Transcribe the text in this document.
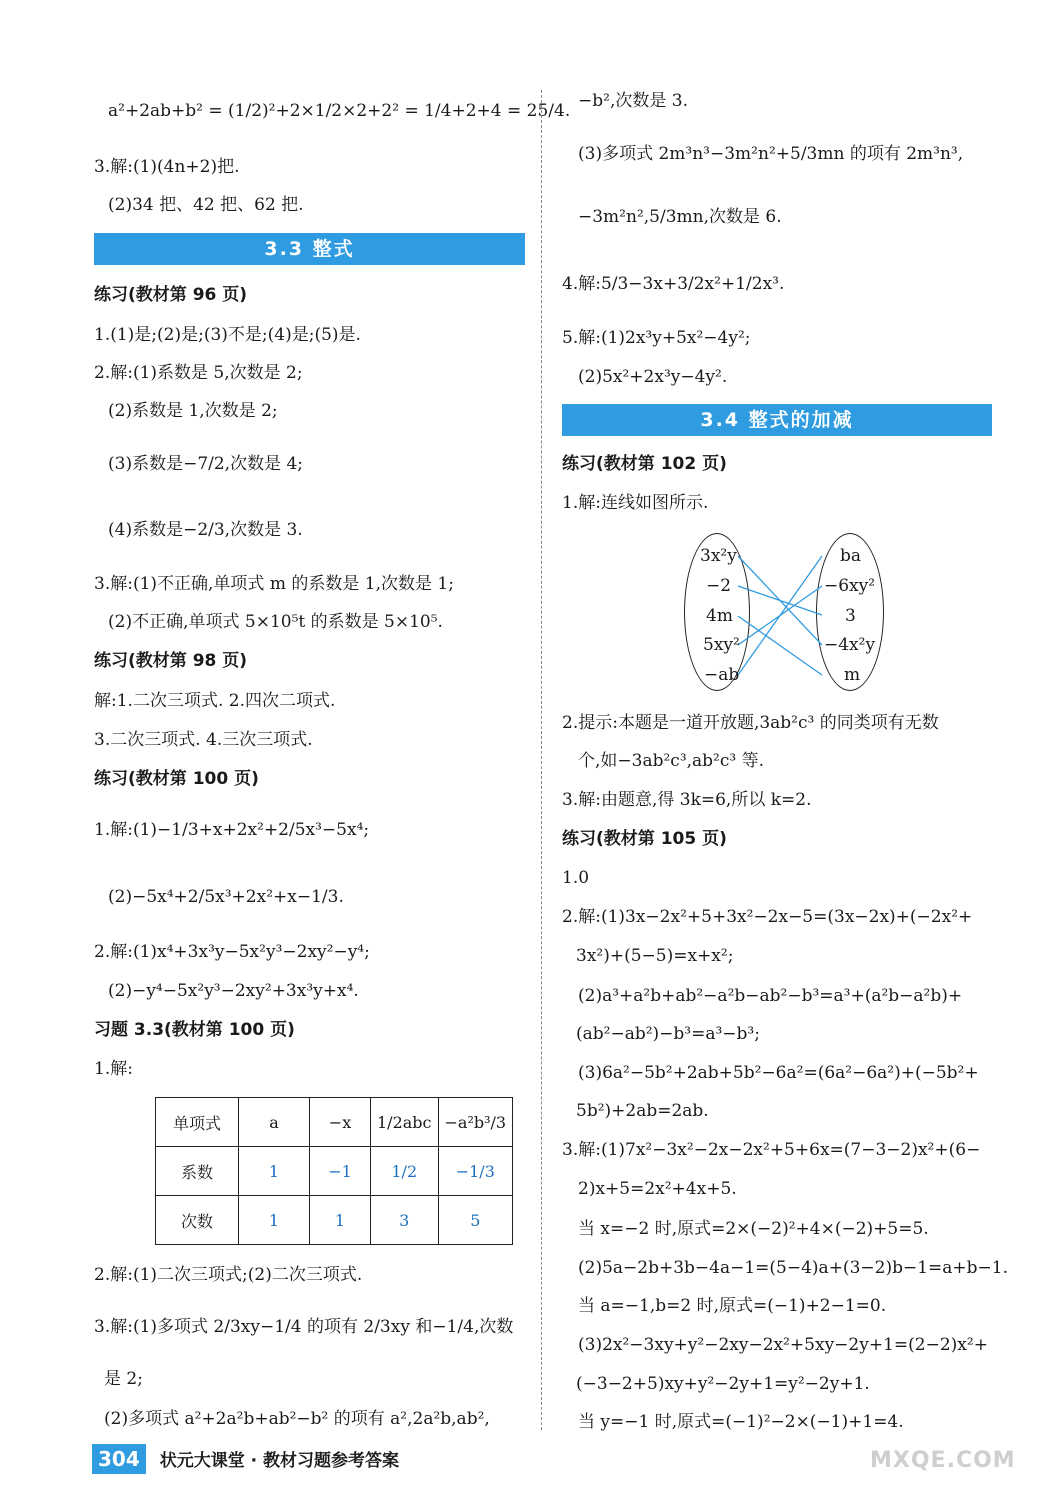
a²+2ab+b² = (1/2)²+2×1/2×2+2² = 1/4+2+4 = 25/4.
3.解:(1)(4n+2)把.
(2)34 把、42 把、62 把.
3.3 整式
练习(教材第 96 页)
1.(1)是;(2)是;(3)不是;(4)是;(5)是.
2.解:(1)系数是 5,次数是 2;
(2)系数是 1,次数是 2;
(3)系数是−7/2,次数是 4;
(4)系数是−2/3,次数是 3.
3.解:(1)不正确,单项式 m 的系数是 1,次数是 1;
(2)不正确,单项式 5×10⁵t 的系数是 5×10⁵.
练习(教材第 98 页)
解:1.二次三项式. 2.四次二项式.
3.二次三项式. 4.三次三项式.
练习(教材第 100 页)
1.解:(1)−1/3+x+2x²+2/5x³−5x⁴;
(2)−5x⁴+2/5x³+2x²+x−1/3.
2.解:(1)x⁴+3x³y−5x²y³−2xy²−y⁴;
(2)−y⁴−5x²y³−2xy²+3x³y+x⁴.
习题 3.3(教材第 100 页)
1.解:
单项式	a	−x	1/2abc	−a²b³/3
系数	1	−1	1/2	−1/3
次数	1	1	3	5
2.解:(1)二次三项式;(2)二次三项式.
3.解:(1)多项式 2/3xy−1/4 的项有 2/3xy 和−1/4,次数
是 2;
(2)多项式 a²+2a²b+ab²−b² 的项有 a²,2a²b,ab²,
−b²,次数是 3.
(3)多项式 2m³n³−3m²n²+5/3mn 的项有 2m³n³,
−3m²n²,5/3mn,次数是 6.
4.解:5/3−3x+3/2x²+1/2x³.
5.解:(1)2x³y+5x²−4y²;
(2)5x²+2x³y−4y².
3.4 整式的加减
练习(教材第 102 页)
1.解:连线如图所示.
3x²y
−2
4m
5xy²
−ab
ba
−6xy²
3
−4x²y
m
2.提示:本题是一道开放题,3ab²c³ 的同类项有无数
个,如−3ab²c³,ab²c³ 等.
3.解:由题意,得 3k=6,所以 k=2.
练习(教材第 105 页)
1.0
2.解:(1)3x−2x²+5+3x²−2x−5=(3x−2x)+(−2x²+
3x²)+(5−5)=x+x²;
(2)a³+a²b+ab²−a²b−ab²−b³=a³+(a²b−a²b)+
(ab²−ab²)−b³=a³−b³;
(3)6a²−5b²+2ab+5b²−6a²=(6a²−6a²)+(−5b²+
5b²)+2ab=2ab.
3.解:(1)7x²−3x²−2x−2x²+5+6x=(7−3−2)x²+(6−
2)x+5=2x²+4x+5.
当 x=−2 时,原式=2×(−2)²+4×(−2)+5=5.
(2)5a−2b+3b−4a−1=(5−4)a+(3−2)b−1=a+b−1.
当 a=−1,b=2 时,原式=(−1)+2−1=0.
(3)2x²−3xy+y²−2xy−2x²+5xy−2y+1=(2−2)x²+
(−3−2+5)xy+y²−2y+1=y²−2y+1.
当 y=−1 时,原式=(−1)²−2×(−1)+1=4.
304 状元大课堂 · 教材习题参考答案	MXQE.COM
